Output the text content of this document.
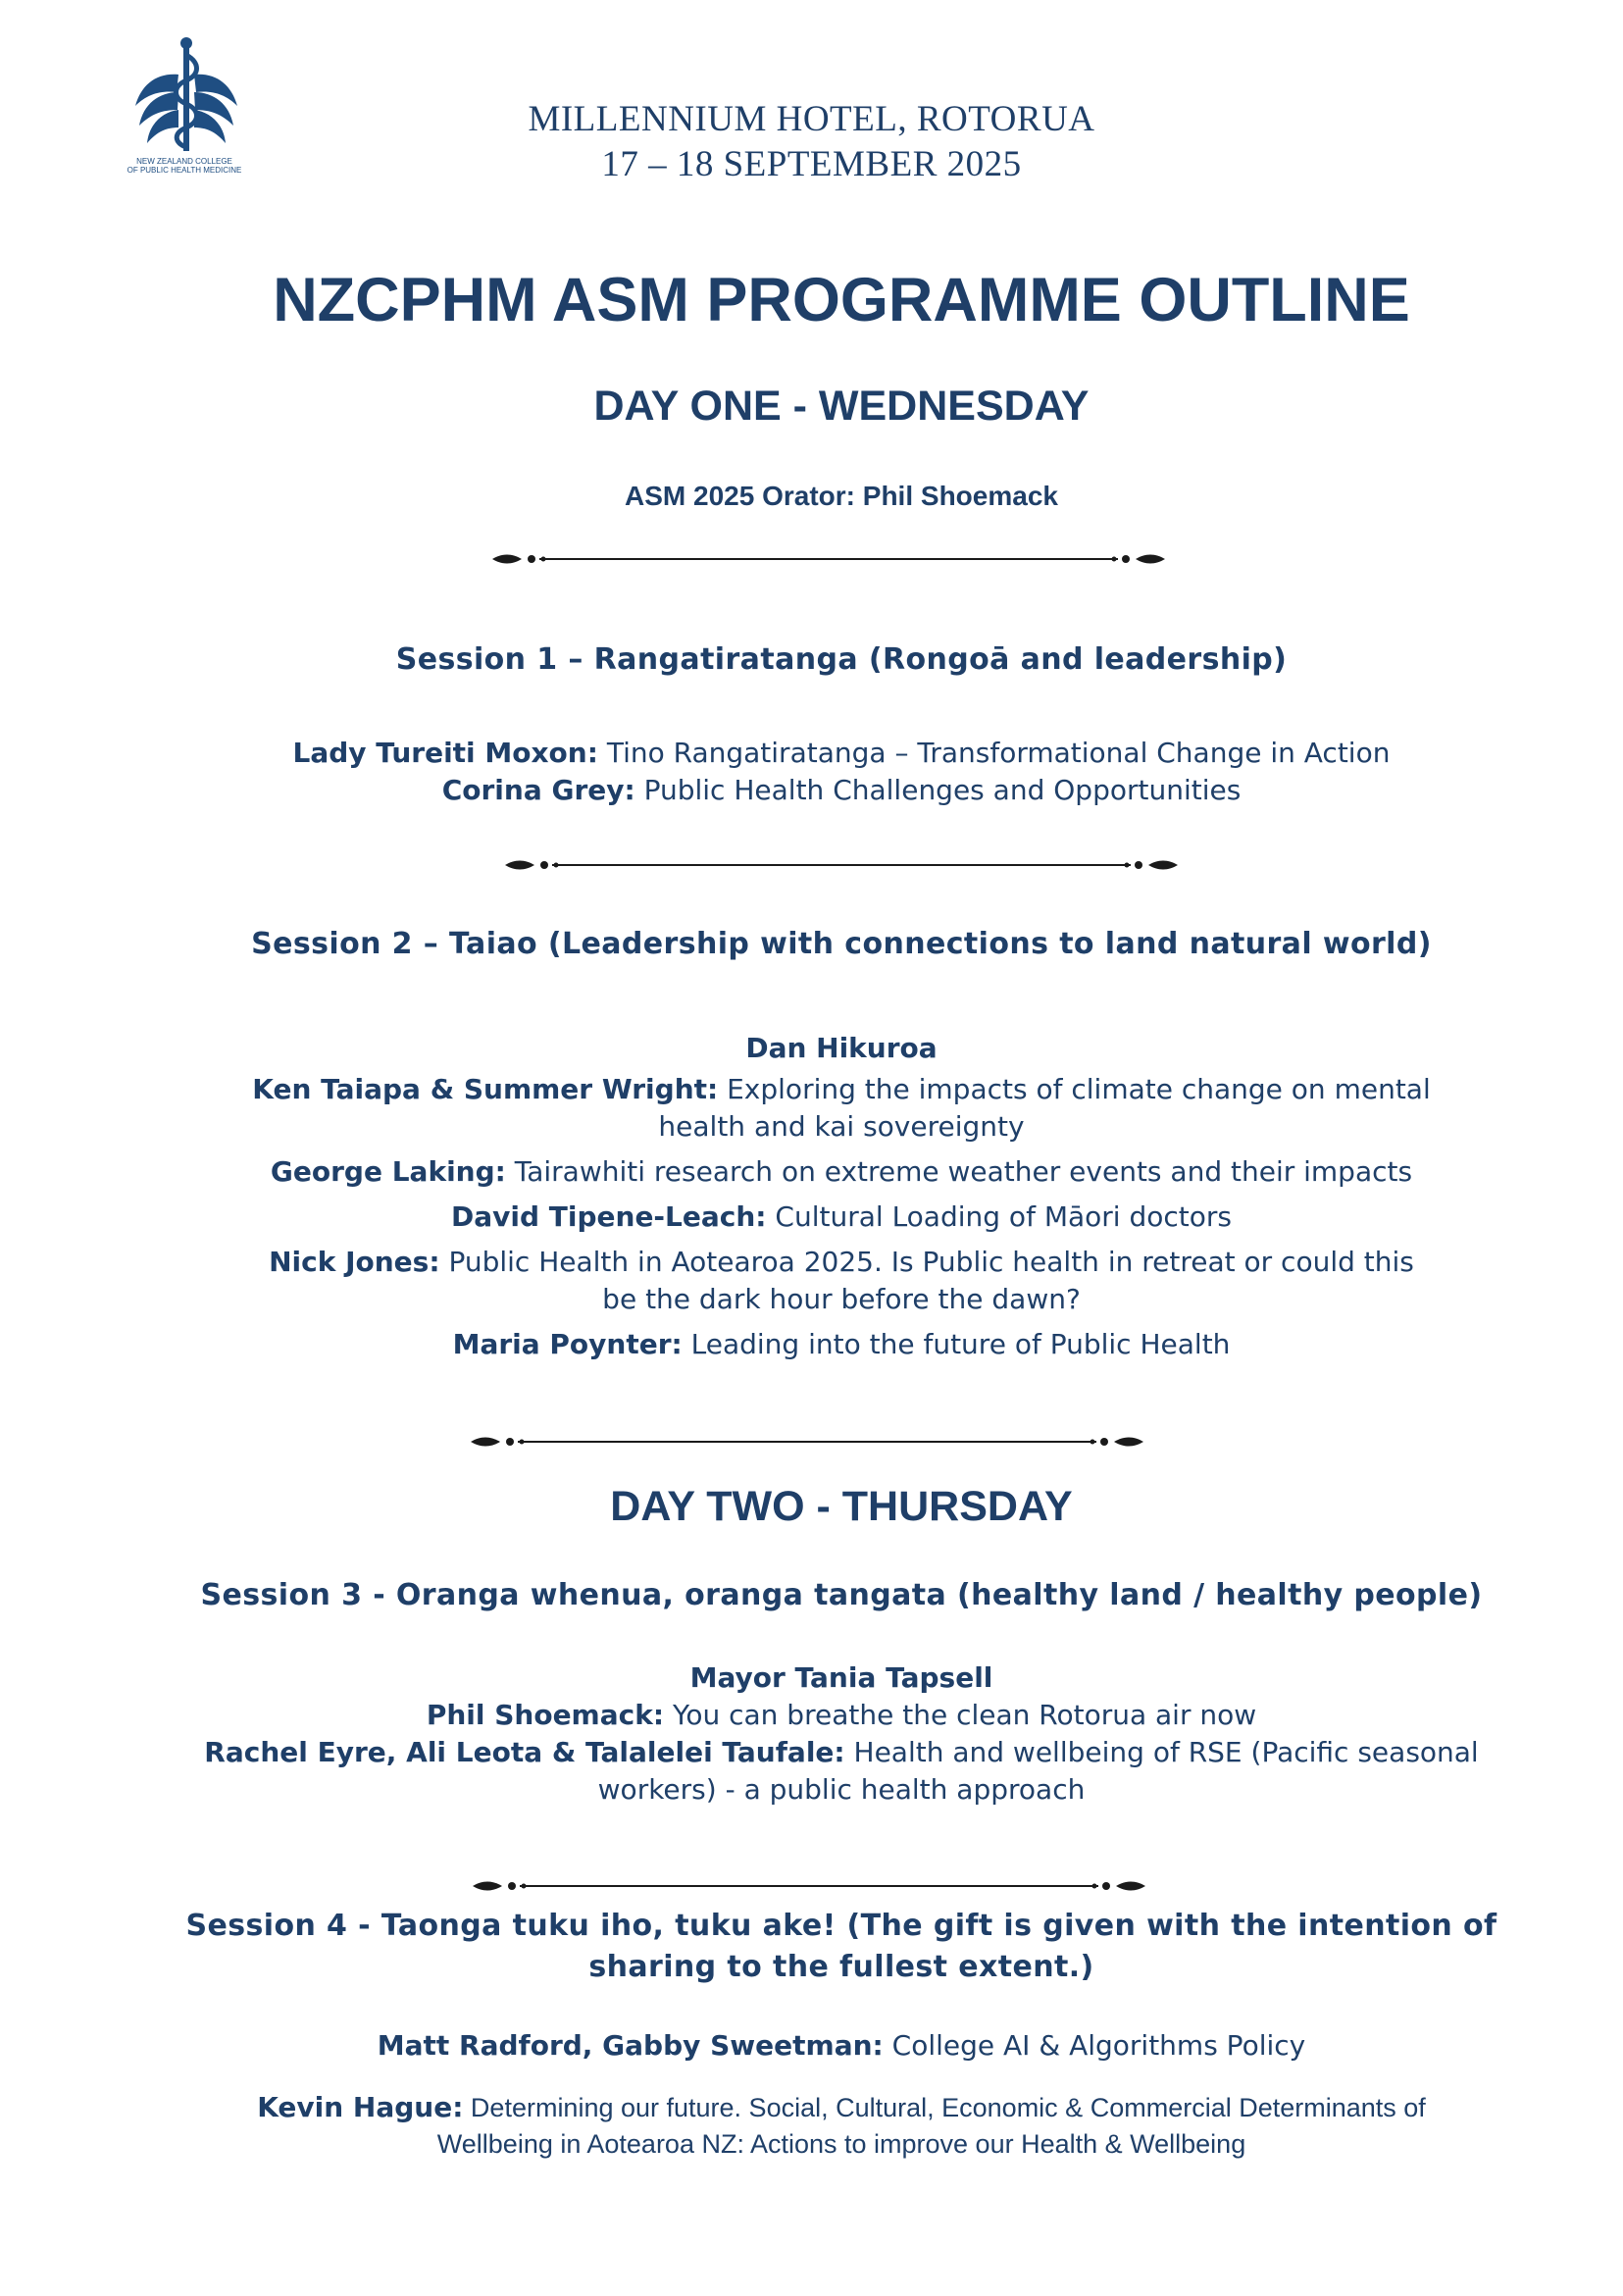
NEW ZEALAND COLLEGE
OF PUBLIC HEALTH MEDICINE
MILLENNIUM HOTEL, ROTORUA
17 – 18 SEPTEMBER 2025
NZCPHM ASM PROGRAMME OUTLINE
DAY ONE - WEDNESDAY
ASM 2025 Orator: Phil Shoemack
Session 1 – Rangatiratanga (Rongoā and leadership)
Lady Tureiti Moxon: Tino Rangatiratanga – Transformational Change in Action
Corina Grey: Public Health Challenges and Opportunities
Session 2 – Taiao (Leadership with connections to land natural world)
Dan Hikuroa
Ken Taiapa & Summer Wright: Exploring the impacts of climate change on mental
health and kai sovereignty
George Laking: Tairawhiti research on extreme weather events and their impacts
David Tipene-Leach: Cultural Loading of Māori doctors
Nick Jones: Public Health in Aotearoa 2025. Is Public health in retreat or could this
be the dark hour before the dawn?
Maria Poynter: Leading into the future of Public Health
DAY TWO - THURSDAY
Session 3 - Oranga whenua, oranga tangata (healthy land / healthy people)
Mayor Tania Tapsell
Phil Shoemack: You can breathe the clean Rotorua air now
Rachel Eyre, Ali Leota & Talalelei Taufale: Health and wellbeing of RSE (Pacific seasonal
workers) - a public health approach
Session 4 - Taonga tuku iho, tuku ake! (The gift is given with the intention of
sharing to the fullest extent.)
Matt Radford, Gabby Sweetman: College AI & Algorithms Policy
Kevin Hague: Determining our future. Social, Cultural, Economic & Commercial Determinants of
Wellbeing in Aotearoa NZ: Actions to improve our Health & Wellbeing
